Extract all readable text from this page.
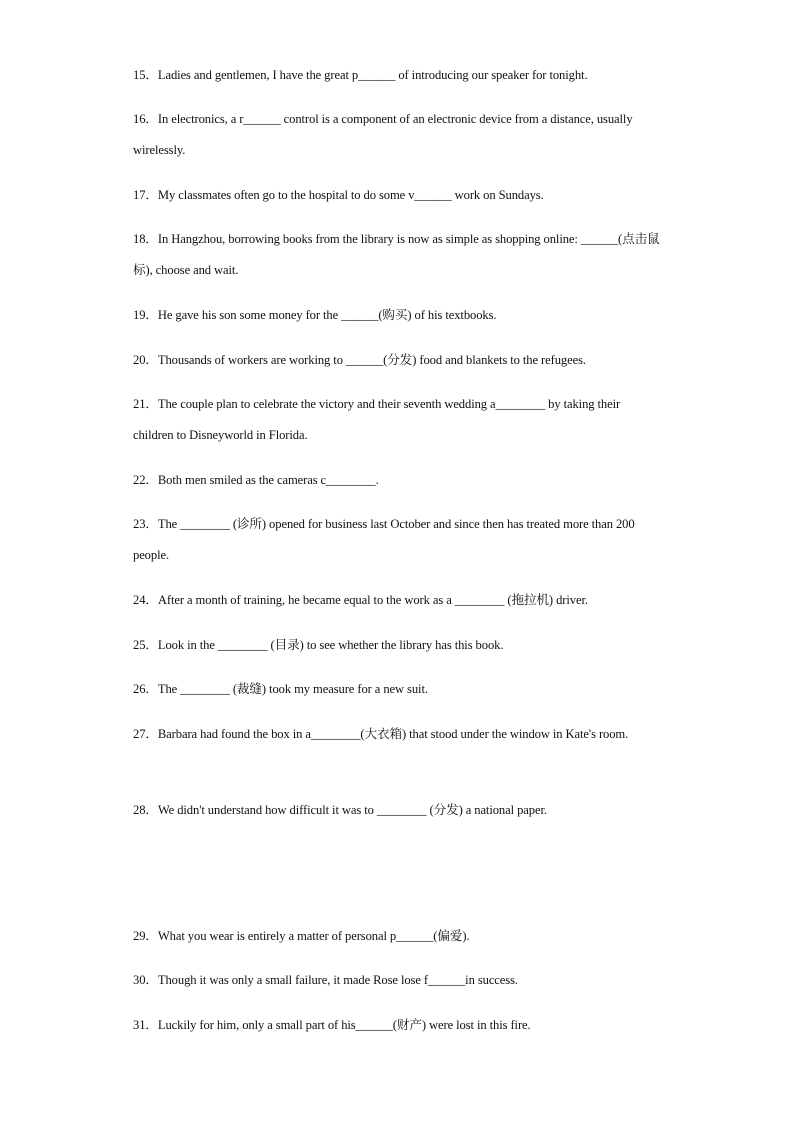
15．Ladies and gentlemen, I have the great p______ of introducing our speaker for tonight.

16．In electronics, a r______ control is a component of an electronic device from a distance, usually wirelessly.

17．My classmates often go to the hospital to do some v______ work on Sundays.

18．In Hangzhou, borrowing books from the library is now as simple as shopping online: ______(点击鼠标), choose and wait.

19．He gave his son some money for the ______(购买) of his textbooks.

20．Thousands of workers are working to ______(分发) food and blankets to the refugees.

21．The couple plan to celebrate the victory and their seventh wedding a________ by taking their children to Disneyworld in Florida.

22．Both men smiled as the cameras c________.

23．The ________ (诊所) opened for business last October and since then has treated more than 200 people.

24．After a month of training, he became equal to the work as a ________ (拖拉机) driver.

25．Look in the ________ (目录) to see whether the library has this book.

26．The ________ (裁缝) took my measure for a new suit.

27．Barbara had found the box in a________(大衣箱) that stood under the window in Kate's room.

28．We didn't understand how difficult it was to ________ (分发) a national paper.

29．What you wear is entirely a matter of personal p______(偏爱).

30．Though it was only a small failure, it made Rose lose f______in success.

31．Luckily for him, only a small part of his______(财产) were lost in this fire.
